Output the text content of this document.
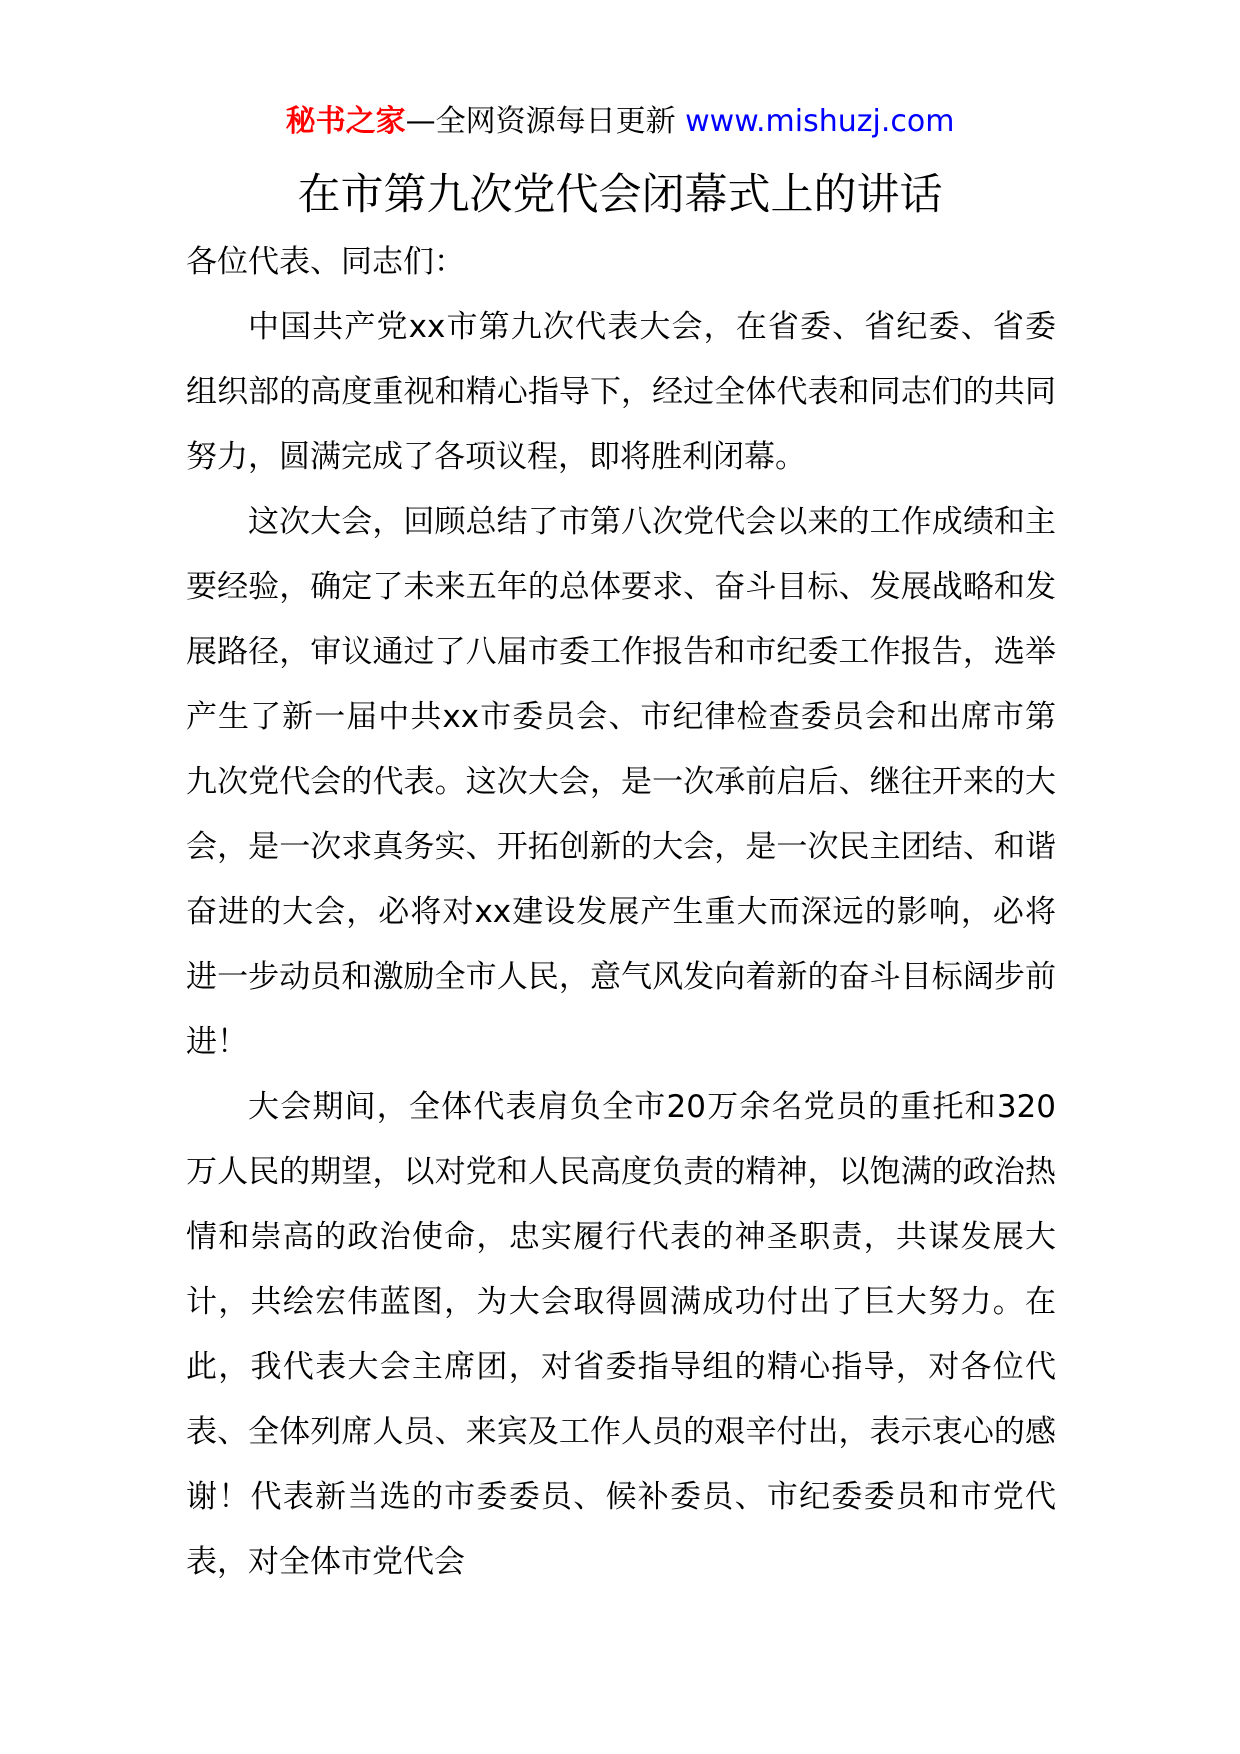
秘书之家—全网资源每日更新 www.mishuzj.com
在市第九次党代会闭幕式上的讲话

各位代表、同志们：

中国共产党xx市第九次代表大会，在省委、省纪委、省委组织部的高度重视和精心指导下，经过全体代表和同志们的共同努力，圆满完成了各项议程，即将胜利闭幕。

这次大会，回顾总结了市第八次党代会以来的工作成绩和主要经验，确定了未来五年的总体要求、奋斗目标、发展战略和发展路径，审议通过了八届市委工作报告和市纪委工作报告，选举产生了新一届中共xx市委员会、市纪律检查委员会和出席市第九次党代会的代表。这次大会，是一次承前启后、继往开来的大会，是一次求真务实、开拓创新的大会，是一次民主团结、和谐奋进的大会，必将对xx建设发展产生重大而深远的影响，必将进一步动员和激励全市人民，意气风发向着新的奋斗目标阔步前进！

大会期间，全体代表肩负全市20万余名党员的重托和320万人民的期望，以对党和人民高度负责的精神，以饱满的政治热情和崇高的政治使命，忠实履行代表的神圣职责，共谋发展大计，共绘宏伟蓝图，为大会取得圆满成功付出了巨大努力。在此，我代表大会主席团，对省委指导组的精心指导，对各位代表、全体列席人员、来宾及工作人员的艰辛付出，表示衷心的感谢！代表新当选的市委委员、候补委员、市纪委委员和市党代表，对全体市党代会
